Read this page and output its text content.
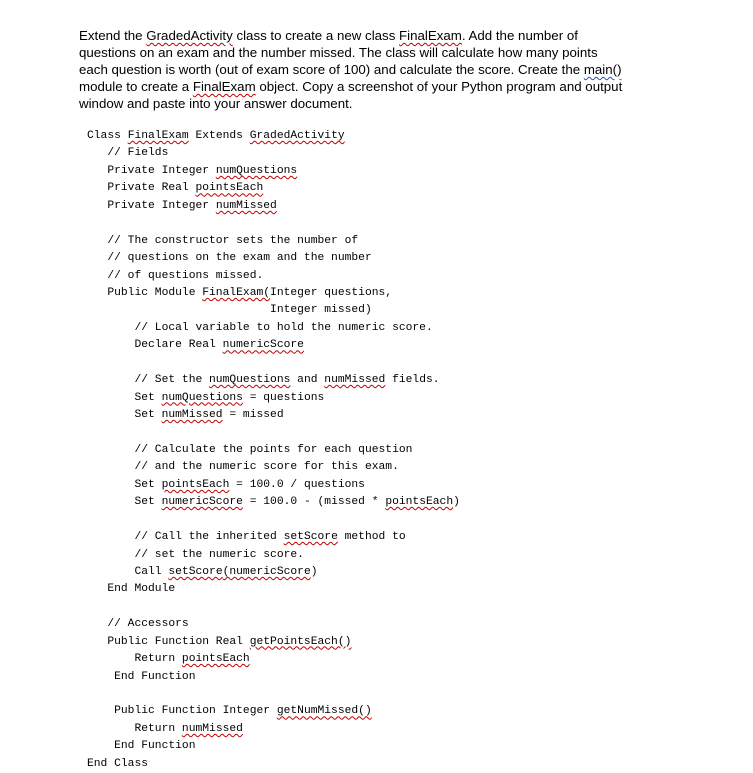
Extend the GradedActivity class to create a new class FinalExam. Add the number of

questions on an exam and the number missed. The class will calculate how many points

each question is worth (out of exam score of 100) and calculate the score. Create the main()

module to create a FinalExam object. Copy a screenshot of your Python program and output

window and paste into your answer document.

Class FinalExam Extends GradedActivity
// Fields
Private Integer numQuestions
Private Real pointsEach
Private Integer numMissed
// The constructor sets the number of
// questions on the exam and the number
// of questions missed.
Public Module FinalExam(Integer questions,
Integer missed)
// Local variable to hold the numeric score.
Declare Real numericScore
// Set the numQuestions and numMissed fields.
Set numQuestions = questions
Set numMissed = missed
// Calculate the points for each question
// and the numeric score for this exam.
Set pointsEach = 100.0 / questions
Set numericScore = 100.0 - (missed * pointsEach)
// Call the inherited setScore method to
// set the numeric score.
Call setScore(numericScore)
End Module
// Accessors
Public Function Real getPointsEach()
Return pointsEach
End Function
Public Function Integer getNumMissed()
Return numMissed
End Function
End Class
